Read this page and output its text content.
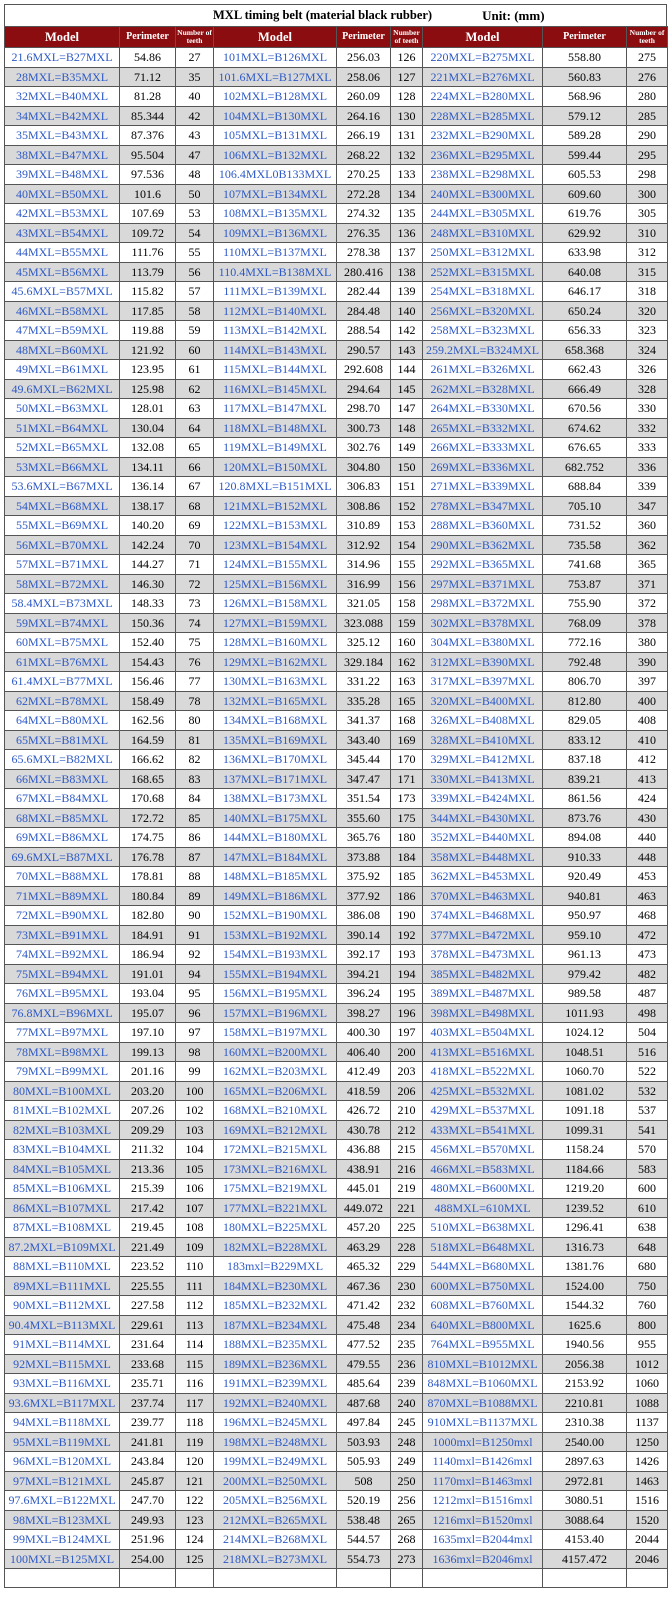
MXL timing belt (material black rubber)	Unit: (mm)
Model	Perimeter	Number of teeth	Model	Perimeter	Number of teeth	Model	Perimeter	Number of teeth
21.6MXL=B27MXL	54.86	27	101MXL=B126MXL	256.03	126	220MXL=B275MXL	558.80	275
28MXL=B35MXL	71.12	35	101.6MXL=B127MXL	258.06	127	221MXL=B276MXL	560.83	276
32MXL=B40MXL	81.28	40	102MXL=B128MXL	260.09	128	224MXL=B280MXL	568.96	280
34MXL=B42MXL	85.344	42	104MXL=B130MXL	264.16	130	228MXL=B285MXL	579.12	285
35MXL=B43MXL	87.376	43	105MXL=B131MXL	266.19	131	232MXL=B290MXL	589.28	290
38MXL=B47MXL	95.504	47	106MXL=B132MXL	268.22	132	236MXL=B295MXL	599.44	295
39MXL=B48MXL	97.536	48	106.4MXL0B133MXL	270.25	133	238MXL=B298MXL	605.53	298
40MXL=B50MXL	101.6	50	107MXL=B134MXL	272.28	134	240MXL=B300MXL	609.60	300
42MXL=B53MXL	107.69	53	108MXL=B135MXL	274.32	135	244MXL=B305MXL	619.76	305
43MXL=B54MXL	109.72	54	109MXL=B136MXL	276.35	136	248MXL=B310MXL	629.92	310
44MXL=B55MXL	111.76	55	110MXL=B137MXL	278.38	137	250MXL=B312MXL	633.98	312
45MXL=B56MXL	113.79	56	110.4MXL=B138MXL	280.416	138	252MXL=B315MXL	640.08	315
45.6MXL=B57MXL	115.82	57	111MXL=B139MXL	282.44	139	254MXL=B318MXL	646.17	318
46MXL=B58MXL	117.85	58	112MXL=B140MXL	284.48	140	256MXL=B320MXL	650.24	320
47MXL=B59MXL	119.88	59	113MXL=B142MXL	288.54	142	258MXL=B323MXL	656.33	323
48MXL=B60MXL	121.92	60	114MXL=B143MXL	290.57	143	259.2MXL=B324MXL	658.368	324
49MXL=B61MXL	123.95	61	115MXL=B144MXL	292.608	144	261MXL=B326MXL	662.43	326
49.6MXL=B62MXL	125.98	62	116MXL=B145MXL	294.64	145	262MXL=B328MXL	666.49	328
50MXL=B63MXL	128.01	63	117MXL=B147MXL	298.70	147	264MXL=B330MXL	670.56	330
51MXL=B64MXL	130.04	64	118MXL=B148MXL	300.73	148	265MXL=B332MXL	674.62	332
52MXL=B65MXL	132.08	65	119MXL=B149MXL	302.76	149	266MXL=B333MXL	676.65	333
53MXL=B66MXL	134.11	66	120MXL=B150MXL	304.80	150	269MXL=B336MXL	682.752	336
53.6MXL=B67MXL	136.14	67	120.8MXL=B151MXL	306.83	151	271MXL=B339MXL	688.84	339
54MXL=B68MXL	138.17	68	121MXL=B152MXL	308.86	152	278MXL=B347MXL	705.10	347
55MXL=B69MXL	140.20	69	122MXL=B153MXL	310.89	153	288MXL=B360MXL	731.52	360
56MXL=B70MXL	142.24	70	123MXL=B154MXL	312.92	154	290MXL=B362MXL	735.58	362
57MXL=B71MXL	144.27	71	124MXL=B155MXL	314.96	155	292MXL=B365MXL	741.68	365
58MXL=B72MXL	146.30	72	125MXL=B156MXL	316.99	156	297MXL=B371MXL	753.87	371
58.4MXL=B73MXL	148.33	73	126MXL=B158MXL	321.05	158	298MXL=B372MXL	755.90	372
59MXL=B74MXL	150.36	74	127MXL=B159MXL	323.088	159	302MXL=B378MXL	768.09	378
60MXL=B75MXL	152.40	75	128MXL=B160MXL	325.12	160	304MXL=B380MXL	772.16	380
61MXL=B76MXL	154.43	76	129MXL=B162MXL	329.184	162	312MXL=B390MXL	792.48	390
61.4MXL=B77MXL	156.46	77	130MXL=B163MXL	331.22	163	317MXL=B397MXL	806.70	397
62MXL=B78MXL	158.49	78	132MXL=B165MXL	335.28	165	320MXL=B400MXL	812.80	400
64MXL=B80MXL	162.56	80	134MXL=B168MXL	341.37	168	326MXL=B408MXL	829.05	408
65MXL=B81MXL	164.59	81	135MXL=B169MXL	343.40	169	328MXL=B410MXL	833.12	410
65.6MXL=B82MXL	166.62	82	136MXL=B170MXL	345.44	170	329MXL=B412MXL	837.18	412
66MXL=B83MXL	168.65	83	137MXL=B171MXL	347.47	171	330MXL=B413MXL	839.21	413
67MXL=B84MXL	170.68	84	138MXL=B173MXL	351.54	173	339MXL=B424MXL	861.56	424
68MXL=B85MXL	172.72	85	140MXL=B175MXL	355.60	175	344MXL=B430MXL	873.76	430
69MXL=B86MXL	174.75	86	144MXL=B180MXL	365.76	180	352MXL=B440MXL	894.08	440
69.6MXL=B87MXL	176.78	87	147MXL=B184MXL	373.88	184	358MXL=B448MXL	910.33	448
70MXL=B88MXL	178.81	88	148MXL=B185MXL	375.92	185	362MXL=B453MXL	920.49	453
71MXL=B89MXL	180.84	89	149MXL=B186MXL	377.92	186	370MXL=B463MXL	940.81	463
72MXL=B90MXL	182.80	90	152MXL=B190MXL	386.08	190	374MXL=B468MXL	950.97	468
73MXL=B91MXL	184.91	91	153MXL=B192MXL	390.14	192	377MXL=B472MXL	959.10	472
74MXL=B92MXL	186.94	92	154MXL=B193MXL	392.17	193	378MXL=B473MXL	961.13	473
75MXL=B94MXL	191.01	94	155MXL=B194MXL	394.21	194	385MXL=B482MXL	979.42	482
76MXL=B95MXL	193.04	95	156MXL=B195MXL	396.24	195	389MXL=B487MXL	989.58	487
76.8MXL=B96MXL	195.07	96	157MXL=B196MXL	398.27	196	398MXL=B498MXL	1011.93	498
77MXL=B97MXL	197.10	97	158MXL=B197MXL	400.30	197	403MXL=B504MXL	1024.12	504
78MXL=B98MXL	199.13	98	160MXL=B200MXL	406.40	200	413MXL=B516MXL	1048.51	516
79MXL=B99MXL	201.16	99	162MXL=B203MXL	412.49	203	418MXL=B522MXL	1060.70	522
80MXL=B100MXL	203.20	100	165MXL=B206MXL	418.59	206	425MXL=B532MXL	1081.02	532
81MXL=B102MXL	207.26	102	168MXL=B210MXL	426.72	210	429MXL=B537MXL	1091.18	537
82MXL=B103MXL	209.29	103	169MXL=B212MXL	430.78	212	433MXL=B541MXL	1099.31	541
83MXL=B104MXL	211.32	104	172MXL=B215MXL	436.88	215	456MXL=B570MXL	1158.24	570
84MXL=B105MXL	213.36	105	173MXL=B216MXL	438.91	216	466MXL=B583MXL	1184.66	583
85MXL=B106MXL	215.39	106	175MXL=B219MXL	445.01	219	480MXL=B600MXL	1219.20	600
86MXL=B107MXL	217.42	107	177MXL=B221MXL	449.072	221	488MXL=610MXL	1239.52	610
87MXL=B108MXL	219.45	108	180MXL=B225MXL	457.20	225	510MXL=B638MXL	1296.41	638
87.2MXL=B109MXL	221.49	109	182MXL=B228MXL	463.29	228	518MXL=B648MXL	1316.73	648
88MXL=B110MXL	223.52	110	183mxl=B229MXL	465.32	229	544MXL=B680MXL	1381.76	680
89MXL=B111MXL	225.55	111	184MXL=B230MXL	467.36	230	600MXL=B750MXL	1524.00	750
90MXL=B112MXL	227.58	112	185MXL=B232MXL	471.42	232	608MXL=B760MXL	1544.32	760
90.4MXL=B113MXL	229.61	113	187MXL=B234MXL	475.48	234	640MXL=B800MXL	1625.6	800
91MXL=B114MXL	231.64	114	188MXL=B235MXL	477.52	235	764MXL=B955MXL	1940.56	955
92MXL=B115MXL	233.68	115	189MXL=B236MXL	479.55	236	810MXL=B1012MXL	2056.38	1012
93MXL=B116MXL	235.71	116	191MXL=B239MXL	485.64	239	848MXL=B1060MXL	2153.92	1060
93.6MXL=B117MXL	237.74	117	192MXL=B240MXL	487.68	240	870MXL=B1088MXL	2210.81	1088
94MXL=B118MXL	239.77	118	196MXL=B245MXL	497.84	245	910MXL=B1137MXL	2310.38	1137
95MXL=B119MXL	241.81	119	198MXL=B248MXL	503.93	248	1000mxl=B1250mxl	2540.00	1250
96MXL=B120MXL	243.84	120	199MXL=B249MXL	505.93	249	1140mxl=B1426mxl	2897.63	1426
97MXL=B121MXL	245.87	121	200MXL=B250MXL	508	250	1170mxl=B1463mxl	2972.81	1463
97.6MXL=B122MXL	247.70	122	205MXL=B256MXL	520.19	256	1212mxl=B1516mxl	3080.51	1516
98MXL=B123MXL	249.93	123	212MXL=B265MXL	538.48	265	1216mxl=B1520mxl	3088.64	1520
99MXL=B124MXL	251.96	124	214MXL=B268MXL	544.57	268	1635mxl=B2044mxl	4153.40	2044
100MXL=B125MXL	254.00	125	218MXL=B273MXL	554.73	273	1636mxl=B2046mxl	4157.472	2046
